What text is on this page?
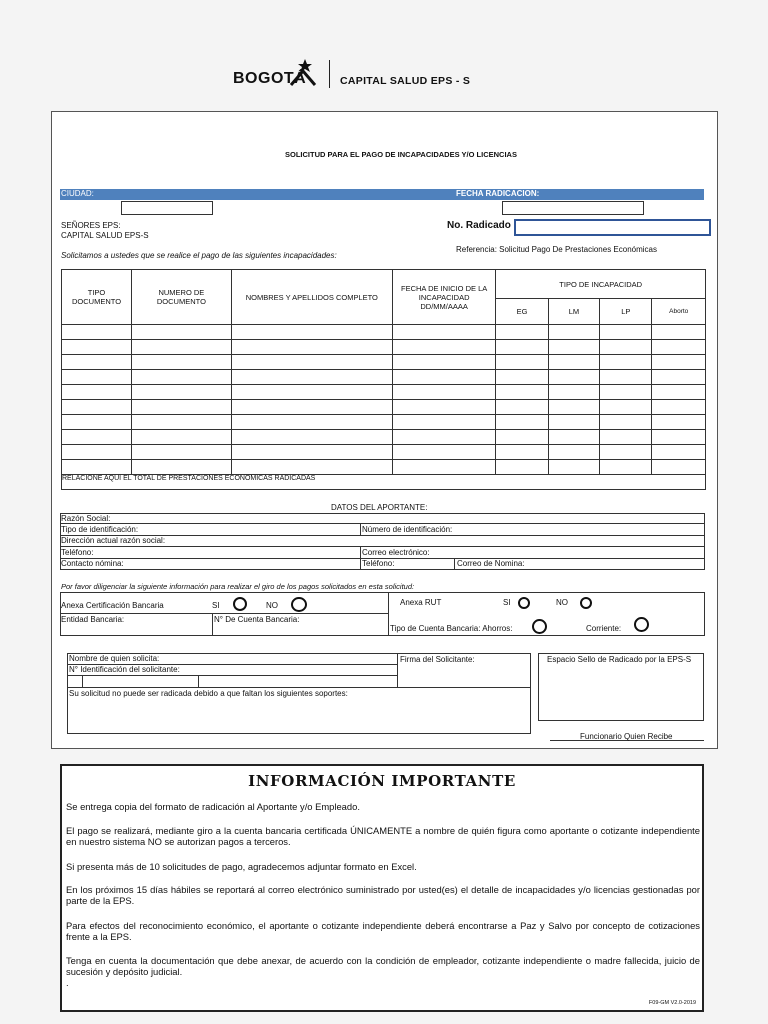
BOGOTÁ	CAPITAL SALUD EPS - S
SOLICITUD PARA EL PAGO DE INCAPACIDADES Y/O LICENCIAS
CIUDAD:	FECHA RADICACION:
SEÑORES EPS:
CAPITAL SALUD EPS-S
No. Radicado
Solicitamos a ustedes que se realice el pago de las siguientes incapacidades:
Referencia: Solicitud Pago De Prestaciones Económicas
TIPO DOCUMENTO	NUMERO DE DOCUMENTO	NOMBRES Y APELLIDOS COMPLETO	FECHA DE INICIO DE LA INCAPACIDAD DD/MM/AAAA	TIPO DE INCAPACIDAD			
				EG	LM	LP	Aborto

RELACIONE AQUI EL TOTAL DE PRESTACIONES ECONOMICAS RADICADAS							
DATOS DEL APORTANTE:
Razón Social:
Tipo de identificación:	Número de identificación:
Dirección actual razón social:
Teléfono:	Correo electrónico:
Contacto nómina:	Teléfono:	Correo de Nomina:
Por favor diligenciar la siguiente información para realizar el giro de los pagos solicitados en esta solicitud:
Anexa Certificación Bancaria	SI	NO	Anexa RUT	SI	NO
Entidad Bancaria:	N° De Cuenta Bancaria:
Tipo de Cuenta Bancaria: Ahorros:	Corriente:
Nombre de quien solicita:
N° Identificación del solicitante:
Firma del Solicitante:
Su solicitud no puede ser radicada debido a que faltan los siguientes soportes:
Espacio Sello de Radicado por la EPS-S
Funcionario Quien Recibe
INFORMACIÓN IMPORTANTE
Se entrega copia del formato de radicación al Aportante y/o Empleado.
El pago se realizará, mediante giro a la cuenta bancaria certificada ÚNICAMENTE a nombre de quién figura como aportante o cotizante independiente en nuestro sistema NO se autorizan pagos a terceros.
Si presenta más de 10 solicitudes de pago, agradecemos adjuntar formato en Excel.
En los próximos 15 días hábiles se reportará al correo electrónico suministrado por usted(es) el detalle de incapacidades y/o licencias gestionadas por parte de la EPS.
Para efectos del reconocimiento económico, el aportante o cotizante independiente deberá encontrarse a Paz y Salvo por concepto de cotizaciones frente a la EPS.
Tenga en cuenta la documentación que debe anexar, de acuerdo con la condición de empleador, cotizante independiente o madre fallecida, juicio de sucesión y depósito judicial.
.
F09-GM V2.0-2019
